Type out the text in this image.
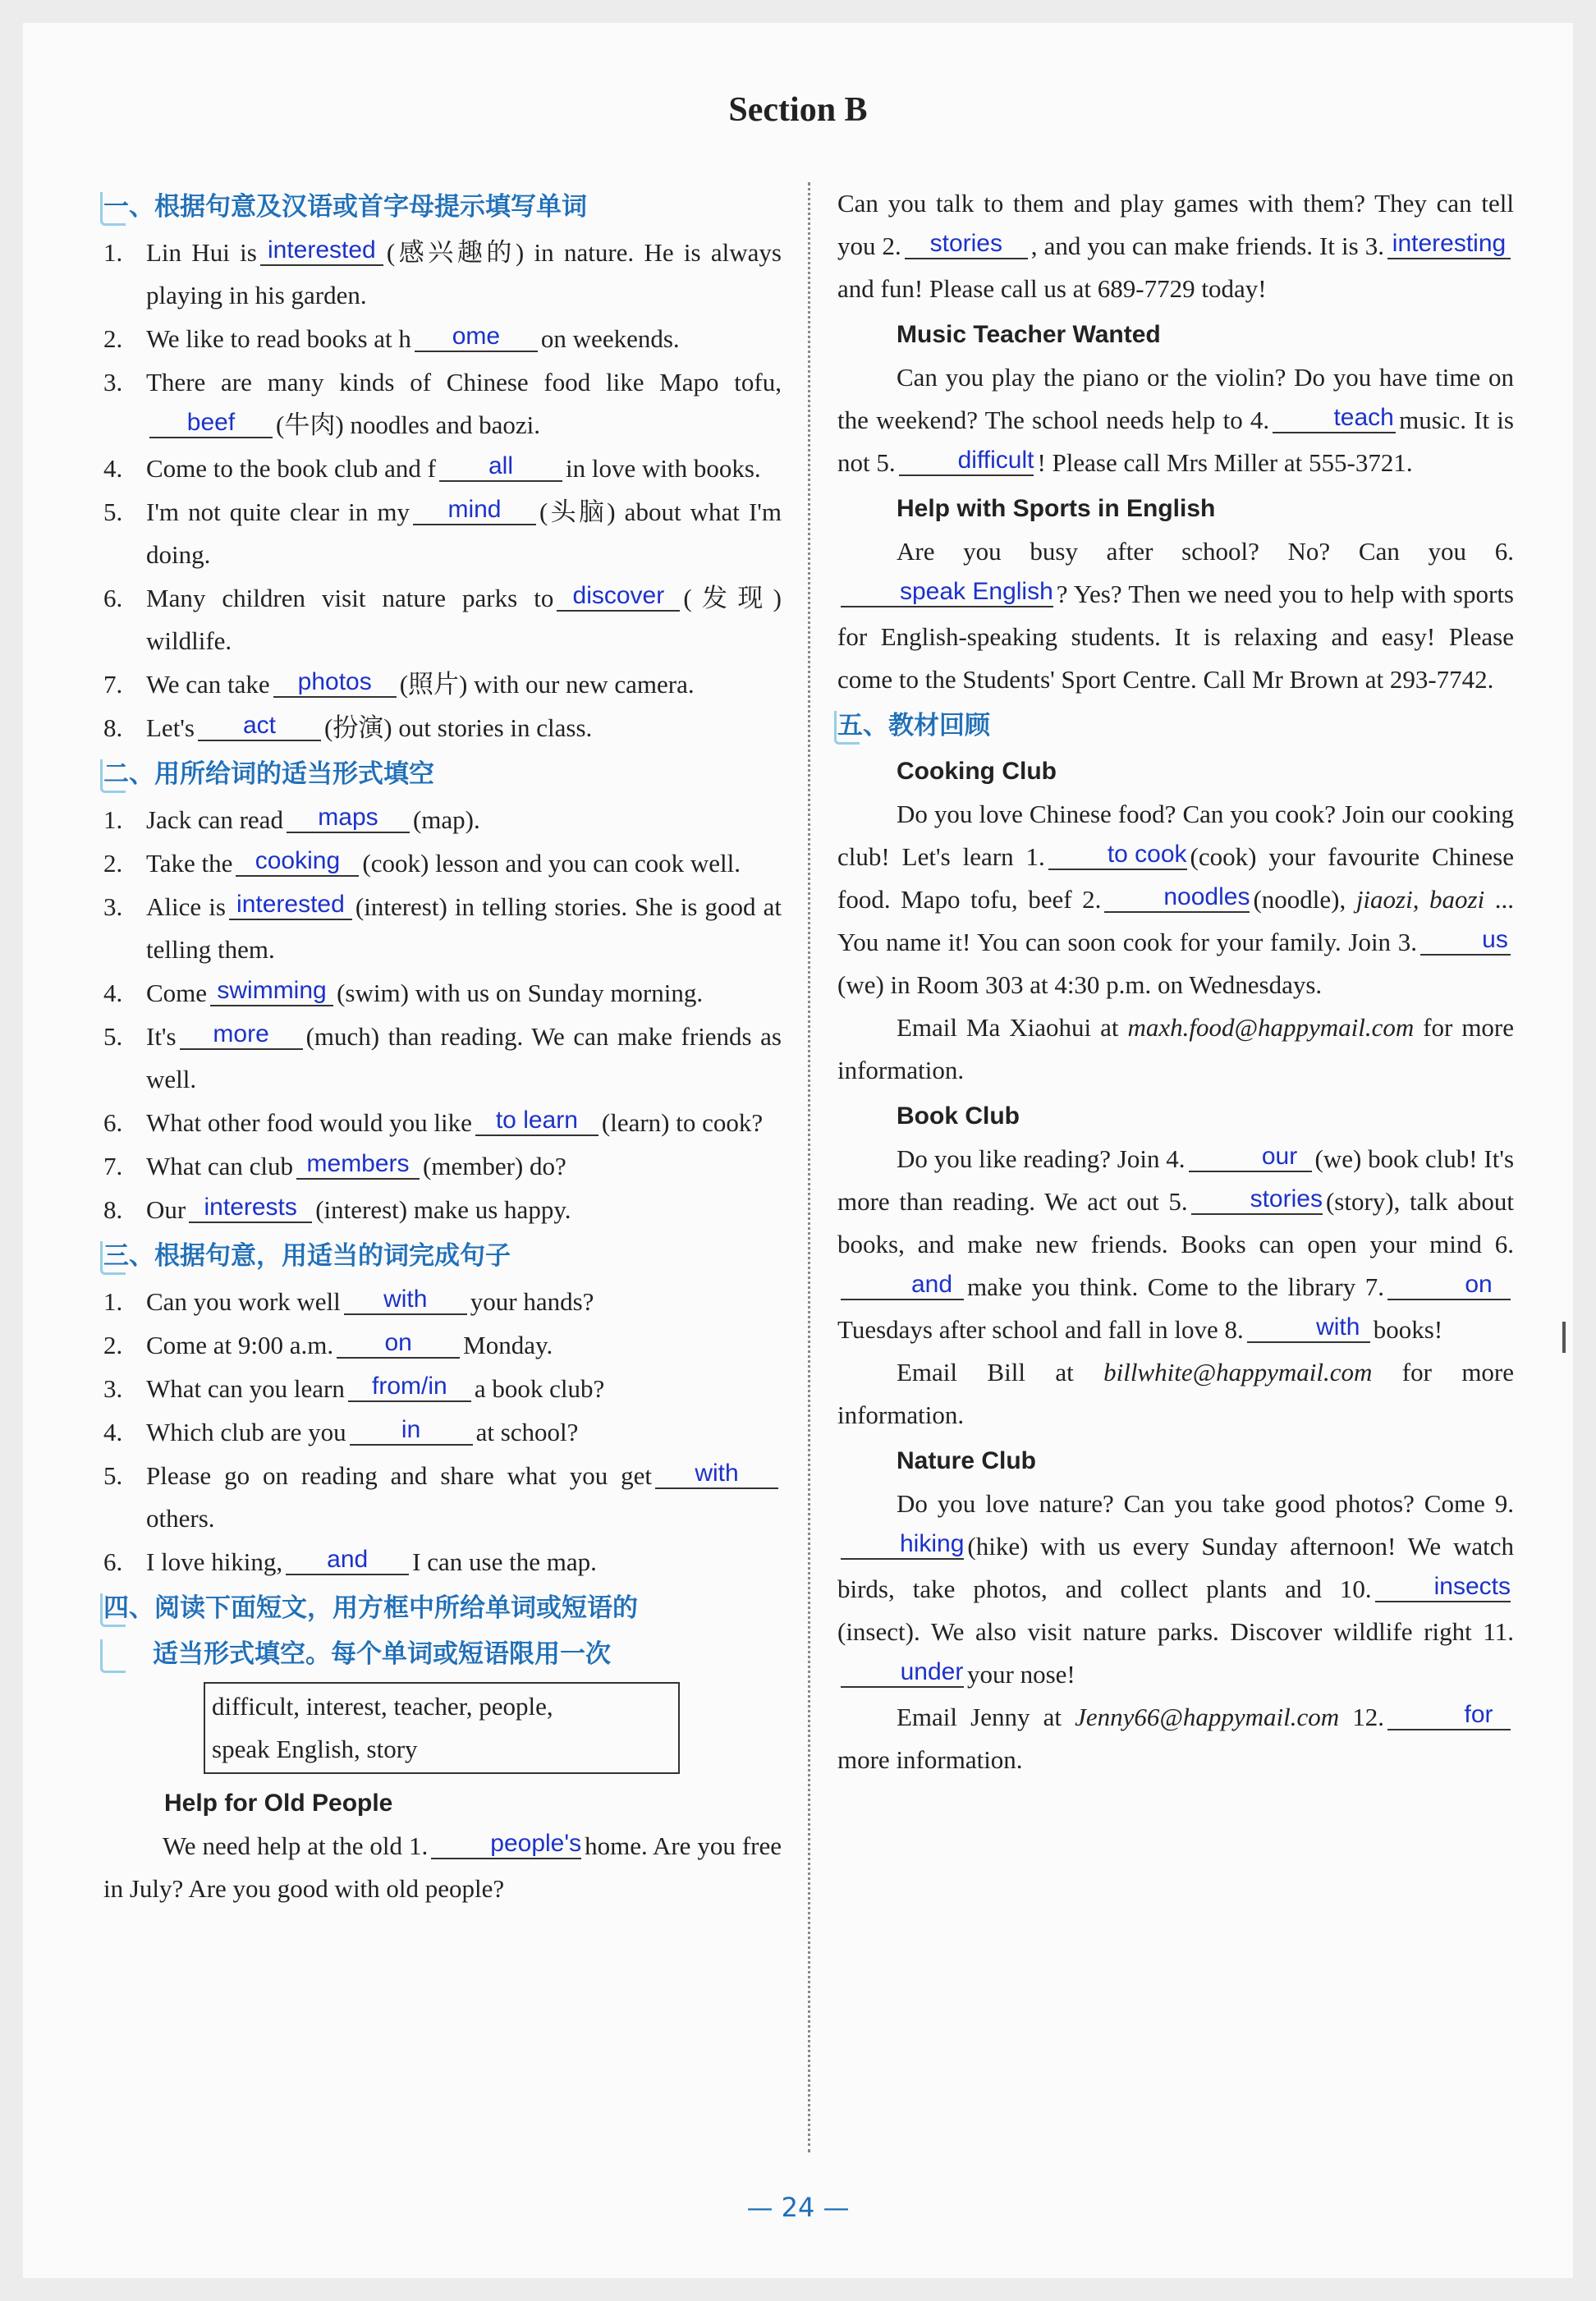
Section B
一、根据句意及汉语或首字母提示填写单词
1. Lin Hui is interested (感兴趣的) in nature. He is always playing in his garden.
2. We like to read books at h ome on weekends.
3. There are many kinds of Chinese food like Mapo tofu,beef (牛肉) noodles and baozi.
4. Come to the book club and f all in love with books.
5. I'm not quite clear in my mind (头脑) about what I'm doing.
6. Many children visit nature parks to discover (发现) wildlife.
7. We can take photos (照片) with our new camera.
8. Let's act (扮演) out stories in class.
二、用所给词的适当形式填空
1. Jack can read maps (map).
2. Take the cooking (cook) lesson and you can cook well.
3. Alice is interested (interest) in telling stories. She is good at telling them.
4. Come swimming (swim) with us on Sunday morning.
5. It's more (much) than reading. We can make friends as well.
6. What other food would you like to learn (learn) to cook?
7. What can club members (member) do?
8. Our interests (interest) make us happy.
三、根据句意，用适当的词完成句子
1. Can you work well with your hands?
2. Come at 9:00 a.m. on Monday.
3. What can you learn from/in a book club?
4. Which club are you in at school?
5. Please go on reading and share what you get withothers.
6. I love hiking, and I can use the map.
四、阅读下面短文，用方框中所给单词或短语的
适当形式填空。每个单词或短语限用一次
difficult, interest, teacher, people,
speak English, story
Help for Old People
We need help at the old 1.	people's home. Are you free in July? Are you good with old people?
Can you talk to them and play games with them? They can tell you 2. stories , and you can make friends. It is 3. interestingand fun! Please call us at 689-7729 today!
Music Teacher Wanted
Can you play the piano or the violin? Do you have time on the weekend? The school needs help to 4.	teach music. It is not 5.	difficult ! Please call Mrs Miller at 555-3721.
Help with Sports in English
Are you busy after school? No? Can you 6.speak English ? Yes? Then we need you to help with sports for English-speaking students. It is relaxing and easy! Please come to the Students' Sport Centre. Call Mr Brown at 293-7742.
五、教材回顾
Cooking Club
Do you love Chinese food? Can you cook? Join our cooking club! Let's learn 1.	to cook (cook) your favourite Chinese food. Mapo tofu, beef 2.	noodles (noodle), jiaozi, baozi ... You name it! You can soon cook for your family. Join 3.	us(we) in Room 303 at 4:30 p.m. on Wednesdays.
Email Ma Xiaohui at maxh.food@happymail.com for more information.
Book Club
Do you like reading? Join 4.	our (we) book club! It's more than reading. We act out 5.	stories (story), talk about books, and make new friends. Books can open your mind 6.and make you think. Come to the library 7.	onTuesdays after school and fall in love 8.	with books!
Email Bill at billwhite@happymail.com for more information.
Nature Club
Do you love nature? Can you take good photos? Come 9.hiking (hike) with us every Sunday afternoon! We watch birds, take photos, and collect plants and 10.	insects(insect). We also visit nature parks. Discover wildlife right 11.under your nose!
Email Jenny at Jenny66@happymail.com 12.	formore information.
— 24 —
